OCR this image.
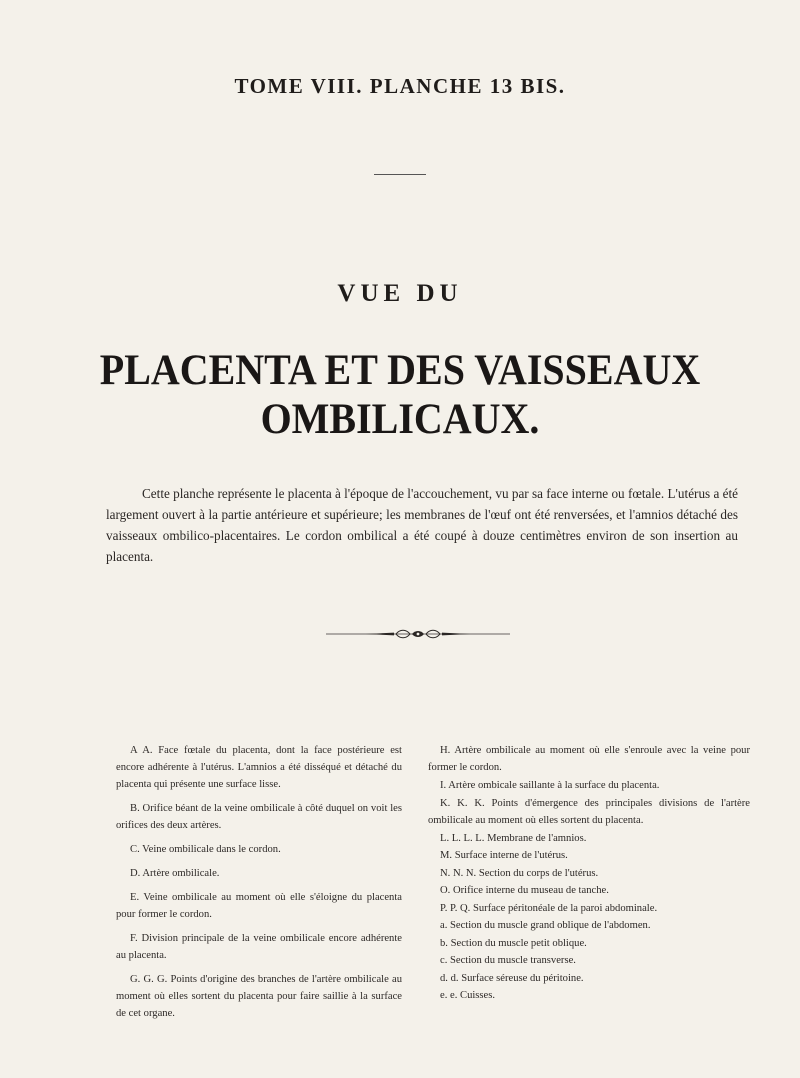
TOME VIII. PLANCHE 13 BIS.
VUE DU
PLACENTA ET DES VAISSEAUX OMBILICAUX.

Cette planche représente le placenta à l'époque de l'accouchement, vu par sa face interne ou fœtale. L'utérus a été largement ouvert à la partie antérieure et supérieure; les membranes de l'œuf ont été renversées, et l'amnios détaché des vaisseaux ombilico-placentaires. Le cordon ombilical a été coupé à douze centimètres environ de son insertion au placenta.

A A. Face fœtale du placenta, dont la face postérieure est encore adhérente à l'utérus. L'amnios a été disséqué et détaché du placenta qui présente une surface lisse.

B. Orifice béant de la veine ombilicale à côté duquel on voit les orifices des deux artères.

C. Veine ombilicale dans le cordon.

D. Artère ombilicale.

E. Veine ombilicale au moment où elle s'éloigne du placenta pour former le cordon.

F. Division principale de la veine ombilicale encore adhérente au placenta.

G. G. G. Points d'origine des branches de l'artère ombilicale au moment où elles sortent du placenta pour faire saillie à la surface de cet organe.

H. Artère ombilicale au moment où elle s'enroule avec la veine pour former le cordon.

I. Artère ombicale saillante à la surface du placenta.

K. K. K. Points d'émergence des principales divisions de l'artère ombilicale au moment où elles sortent du placenta.

L. L. L. L. Membrane de l'amnios.

M. Surface interne de l'utérus.

N. N. N. Section du corps de l'utérus.

O. Orifice interne du museau de tanche.

P. P. Q. Surface péritonéale de la paroi abdominale.

a. Section du muscle grand oblique de l'abdomen.

b. Section du muscle petit oblique.

c. Section du muscle transverse.

d. d. Surface séreuse du péritoine.

e. e. Cuisses.
